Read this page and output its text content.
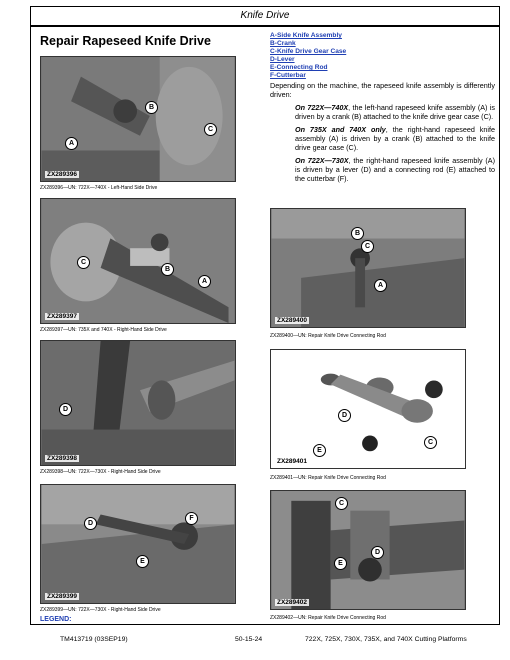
Knife Drive
Repair Rapeseed Knife Drive
B
C
A
ZX289396
ZX289396—UN: 722X—740X - Left-Hand Side Drive
C
B
A
ZX289397
ZX289397—UN: 735X and 740X - Right-Hand Side Drive
D
ZX289398
ZX289398—UN: 722X—730X - Right-Hand Side Drive
D
F
E
ZX289399
ZX289399—UN: 722X—730X - Right-Hand Side Drive
A-Side Knife Assembly
B-Crank
C-Knife Drive Gear Case
D-Lever
E-Connecting Rod
F-Cutterbar

Depending on the machine, the rapeseed knife assembly is differently driven:

On 722X—740X, the left-hand rapeseed knife assembly (A) is driven by a crank (B) attached to the knife drive gear case (C).

On 735X and 740X only, the right-hand rapeseed knife assembly (A) is driven by a crank (B) attached to the knife drive gear case (C).

On 722X—730X, the right-hand rapeseed knife assembly (A) is driven by a lever (D) and a connecting rod (E) attached to the cutterbar (F).

B
C
A
ZX289400
ZX289400—UN: Repair Knife Drive Connecting Rod
D
E
C
ZX289401
ZX289401—UN: Repair Knife Drive Connecting Rod
C
E
D
ZX289402
ZX289402—UN: Repair Knife Drive Connecting Rod
LEGEND:
TM413719 (03SEP19)	50-15-24	722X, 725X, 730X, 735X, and 740X Cutting Platforms
